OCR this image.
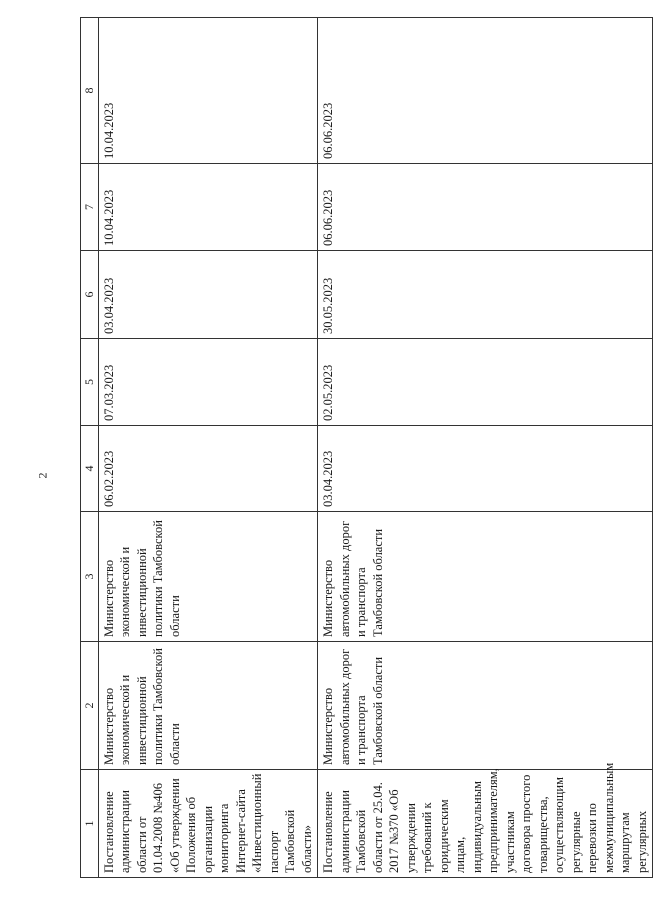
2
1	2	3	4	5	6	7	8
Постановление администрации области от 01.04.2008 №406 «Об утверждении Положения об организации мониторинга Интернет-сайта «Инвестиционный паспорт Тамбовской области»	Министерство экономической и инвестиционной политики Тамбовской области	Министерство экономической и инвестиционной политики Тамбовской области	06.02.2023	07.03.2023	03.04.2023	10.04.2023	10.04.2023
Постановление администрации Тамбовской области от 25.04. 2017 №370 «Об утверждении требований к юридическим лицам, индивидуальным предпринимателям, участникам договора простого товарищества, осуществляющим регулярные перевозки по межмуниципальным маршрутам регулярных	Министерство автомобильных дорог и транспорта Тамбовской области	Министерство автомобильных дорог и транспорта Тамбовской области	03.04.2023	02.05.2023	30.05.2023	06.06.2023	06.06.2023
